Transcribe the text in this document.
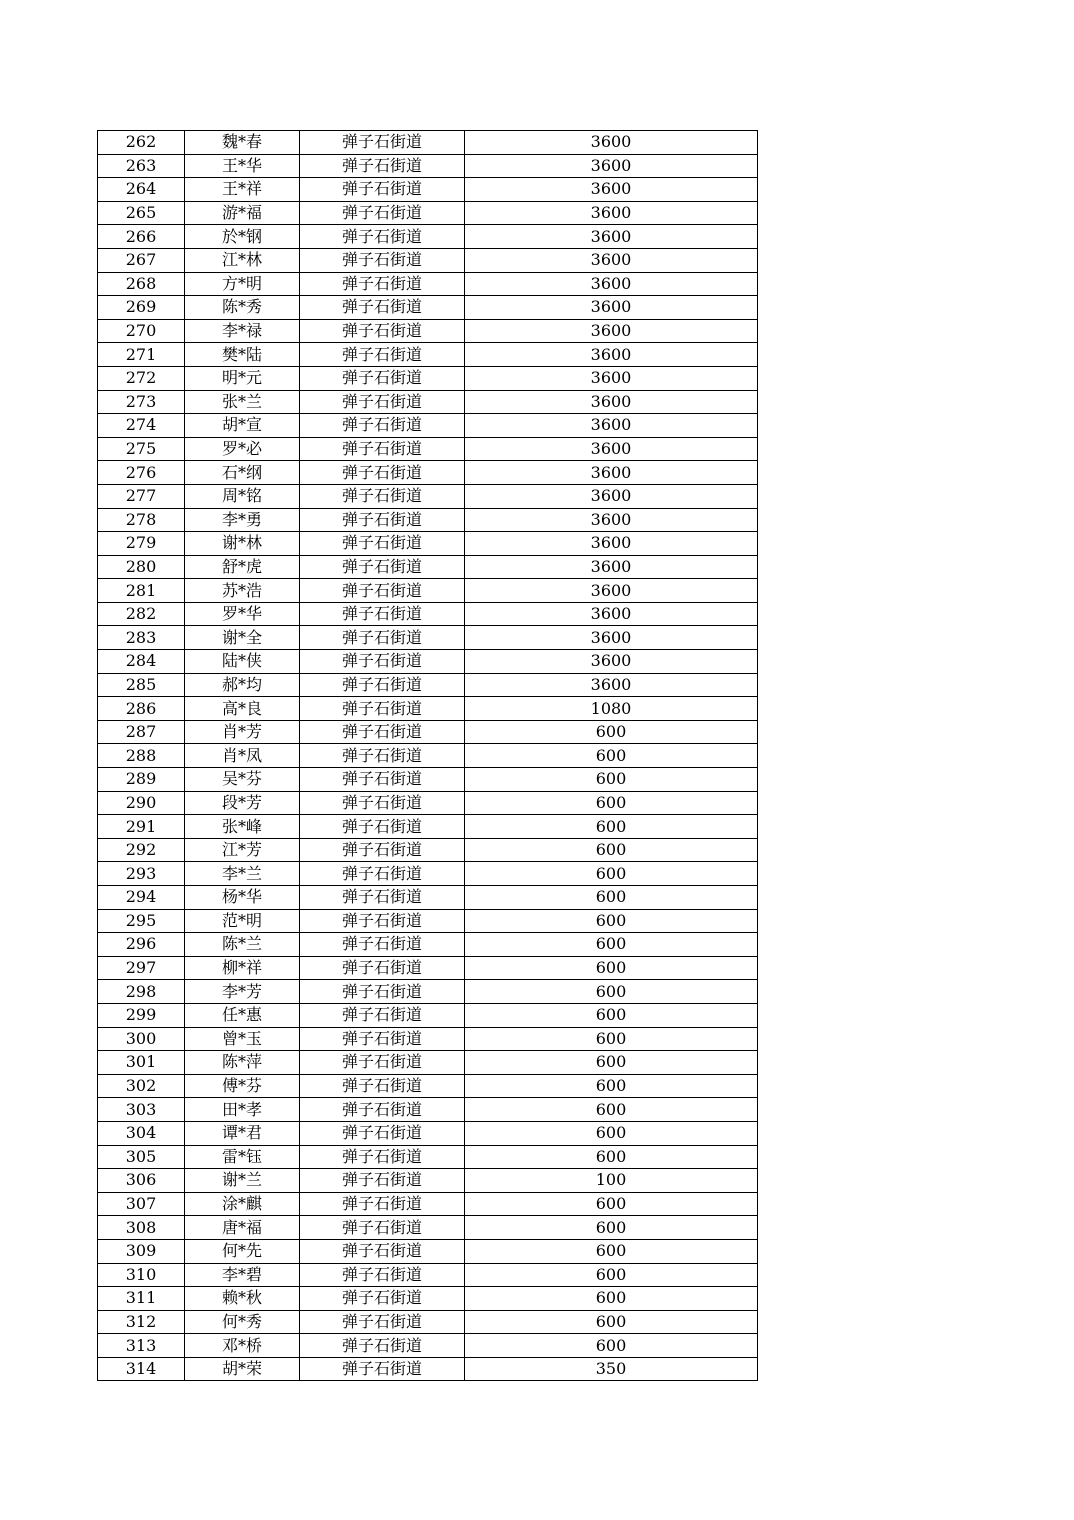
262	魏*春	弹子石街道	3600
263	王*华	弹子石街道	3600
264	王*祥	弹子石街道	3600
265	游*福	弹子石街道	3600
266	於*钢	弹子石街道	3600
267	江*林	弹子石街道	3600
268	方*明	弹子石街道	3600
269	陈*秀	弹子石街道	3600
270	李*禄	弹子石街道	3600
271	樊*陆	弹子石街道	3600
272	明*元	弹子石街道	3600
273	张*兰	弹子石街道	3600
274	胡*宣	弹子石街道	3600
275	罗*必	弹子石街道	3600
276	石*纲	弹子石街道	3600
277	周*铭	弹子石街道	3600
278	李*勇	弹子石街道	3600
279	谢*林	弹子石街道	3600
280	舒*虎	弹子石街道	3600
281	苏*浩	弹子石街道	3600
282	罗*华	弹子石街道	3600
283	谢*全	弹子石街道	3600
284	陆*侠	弹子石街道	3600
285	郝*均	弹子石街道	3600
286	高*良	弹子石街道	1080
287	肖*芳	弹子石街道	600
288	肖*凤	弹子石街道	600
289	吴*芬	弹子石街道	600
290	段*芳	弹子石街道	600
291	张*峰	弹子石街道	600
292	江*芳	弹子石街道	600
293	李*兰	弹子石街道	600
294	杨*华	弹子石街道	600
295	范*明	弹子石街道	600
296	陈*兰	弹子石街道	600
297	柳*祥	弹子石街道	600
298	李*芳	弹子石街道	600
299	任*惠	弹子石街道	600
300	曾*玉	弹子石街道	600
301	陈*萍	弹子石街道	600
302	傅*芬	弹子石街道	600
303	田*孝	弹子石街道	600
304	谭*君	弹子石街道	600
305	雷*钰	弹子石街道	600
306	谢*兰	弹子石街道	100
307	涂*麒	弹子石街道	600
308	唐*福	弹子石街道	600
309	何*先	弹子石街道	600
310	李*碧	弹子石街道	600
311	赖*秋	弹子石街道	600
312	何*秀	弹子石街道	600
313	邓*桥	弹子石街道	600
314	胡*荣	弹子石街道	350
